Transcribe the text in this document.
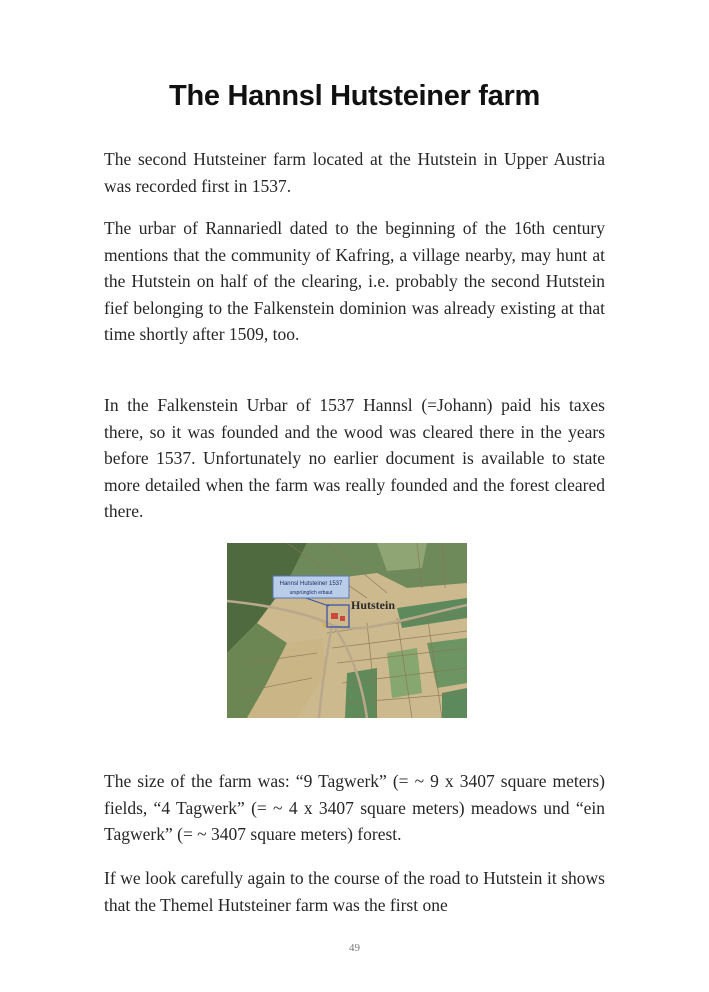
The Hannsl Hutsteiner farm

The second Hutsteiner farm located at the Hutstein in Upper Austria was recorded first in 1537.

The urbar of Rannariedl dated to the beginning of the 16th century mentions that the community of Kafring, a village nearby, may hunt at the Hutstein on half of the clearing, i.e. probably the second Hutstein fief belonging to the Falkenstein dominion was already existing at that time shortly after 1509, too.

In the Falkenstein Urbar of 1537 Hannsl (=Johann) paid his taxes there, so it was founded and the wood was cleared there in the years before 1537. Unfortunately no earlier document is available to state more detailed when the farm was really founded and the forest cleared there.

Hannsl Hutsteiner 1537
ursprünglich erbaut
Hutstein

The size of the farm was: “9 Tagwerk” (= ~ 9 x 3407 square meters) fields, “4 Tagwerk” (= ~ 4 x 3407 square meters) meadows und “ein Tagwerk” (= ~ 3407 square meters) forest.

If we look carefully again to the course of the road to Hutstein it shows that the Themel Hutsteiner farm was the first one

49
